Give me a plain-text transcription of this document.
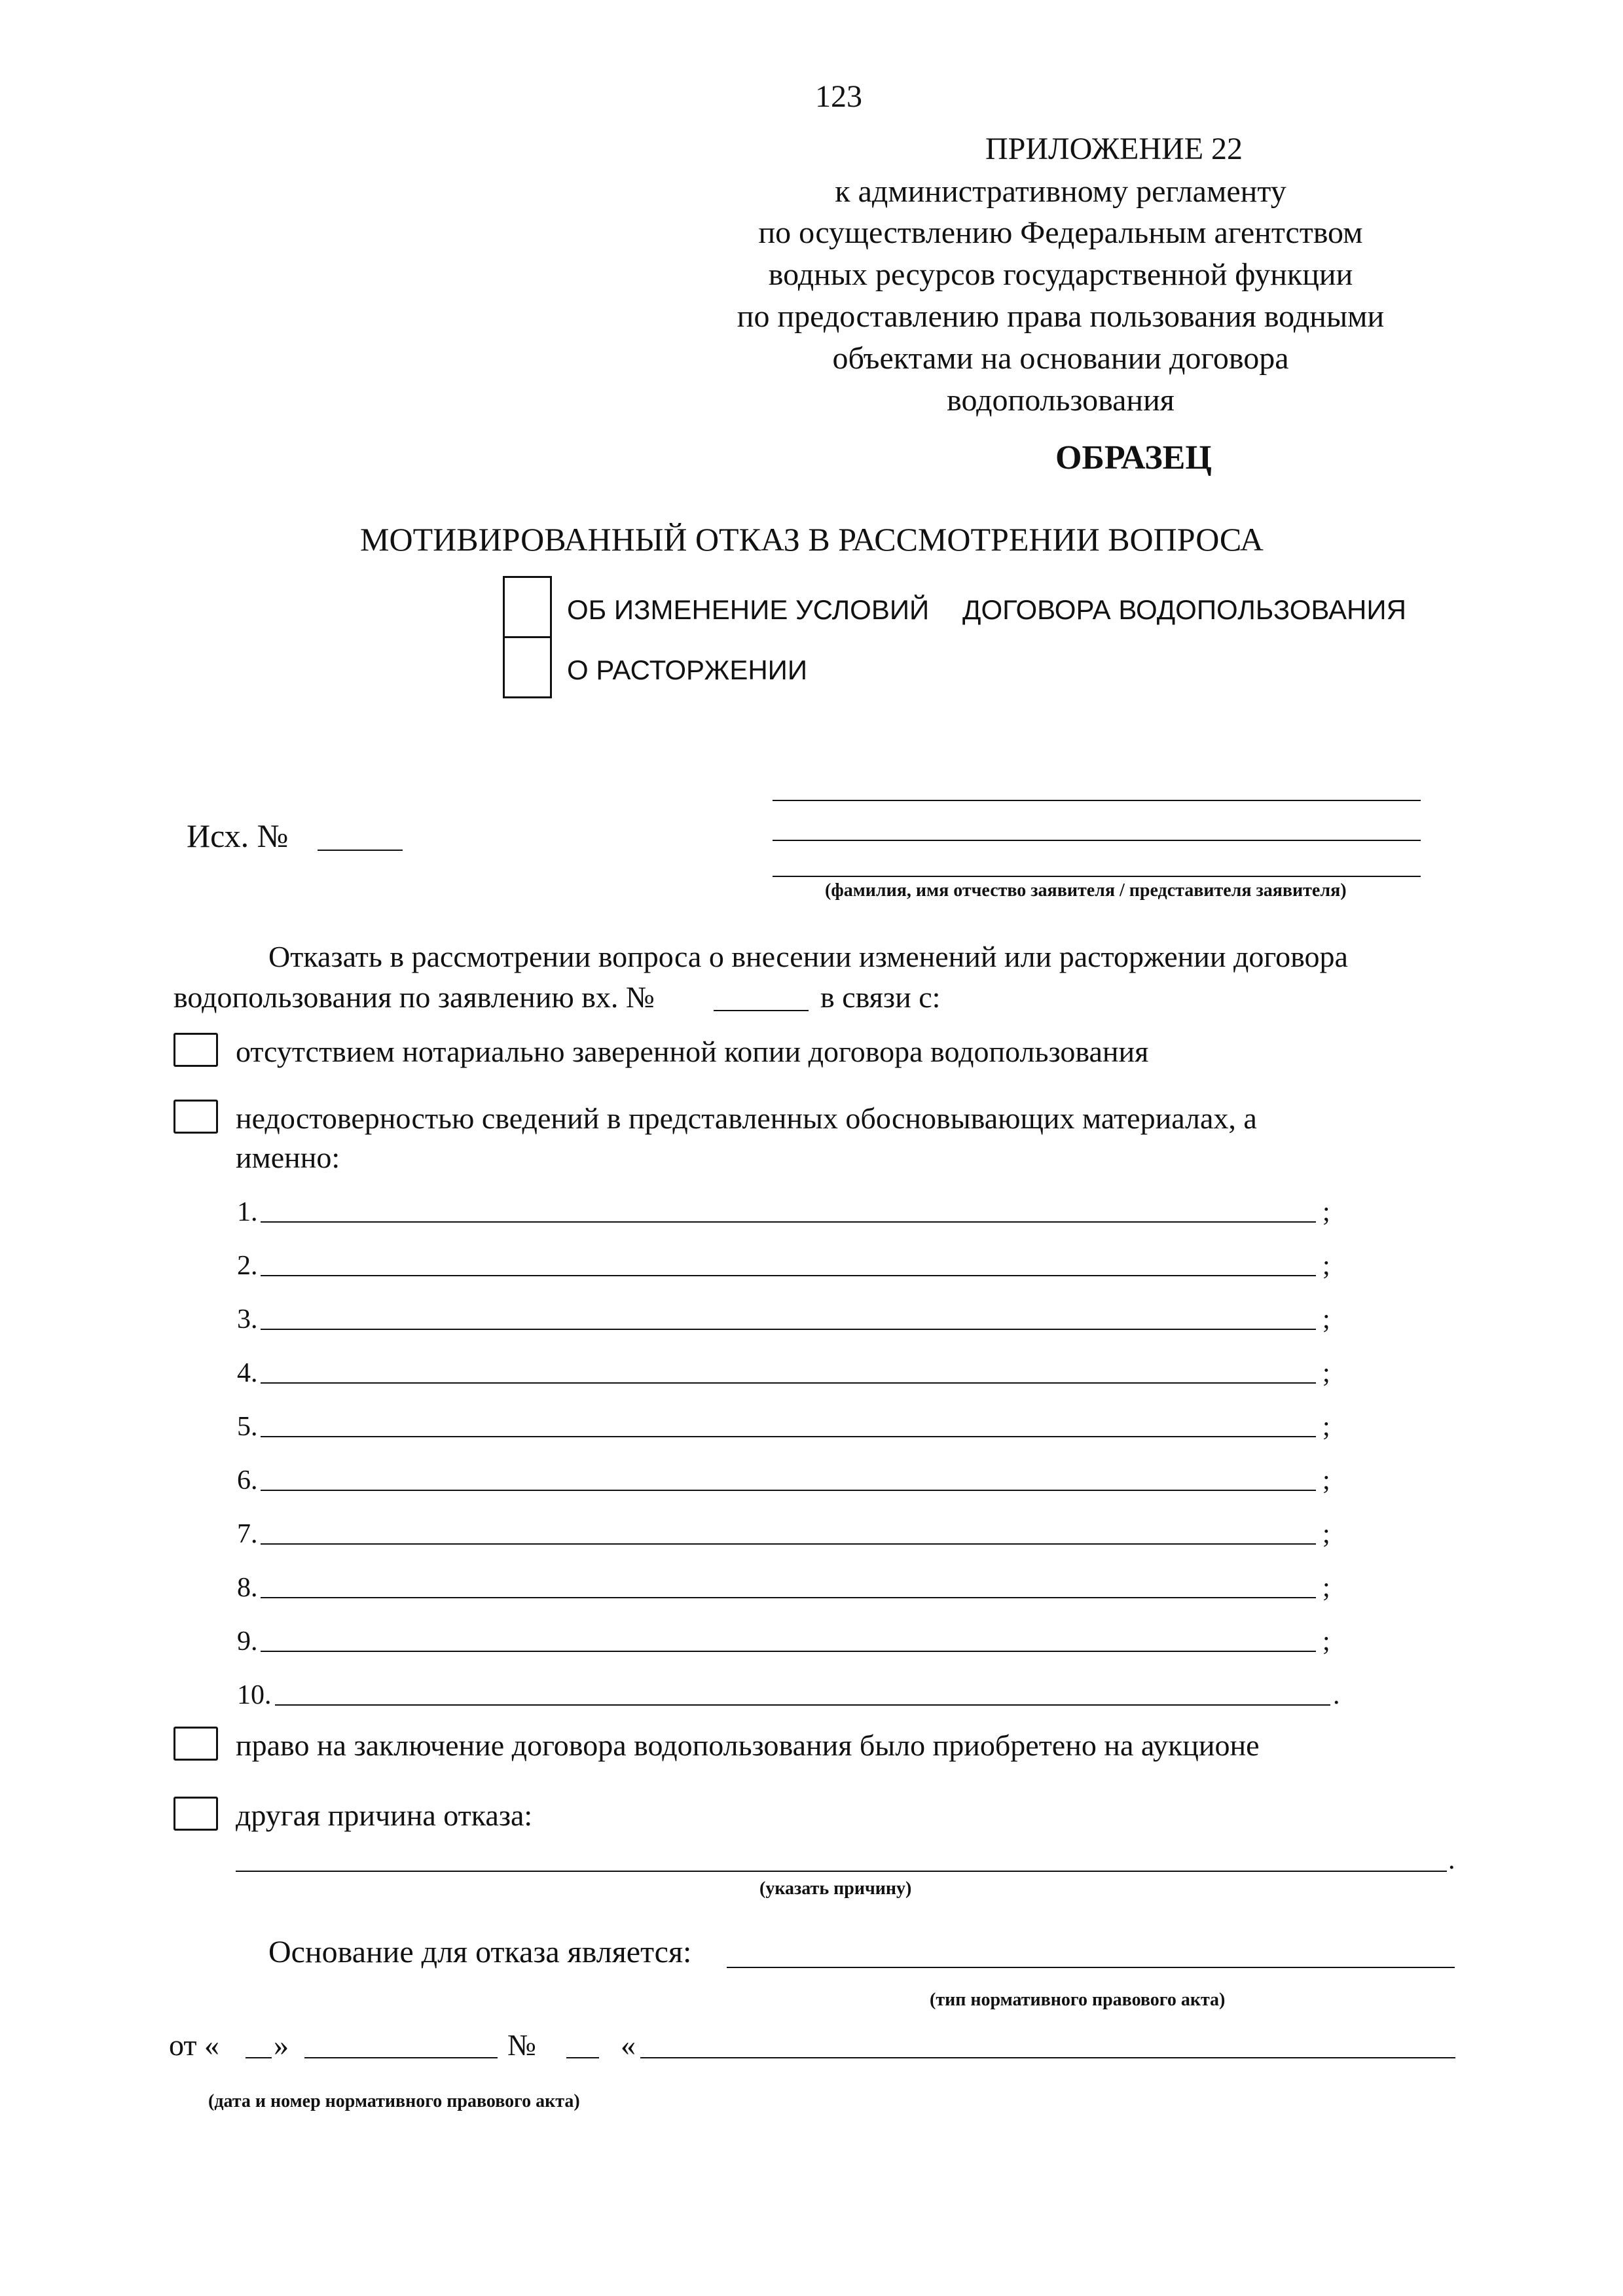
123
ПРИЛОЖЕНИЕ 22
к административному регламенту
по осуществлению Федеральным агентством
водных ресурсов государственной функции
по предоставлению права пользования водными
объектами на основании договора
водопользования
ОБРАЗЕЦ
МОТИВИРОВАННЫЙ ОТКАЗ В РАССМОТРЕНИИ ВОПРОСА
ОБ ИЗМЕНЕНИЕ УСЛОВИЙ ДОГОВОРА ВОДОПОЛЬЗОВАНИЯ
О РАСТОРЖЕНИИ
Исх. №
(фамилия, имя отчество заявителя / представителя заявителя)
Отказать в рассмотрении вопроса о внесении изменений или расторжении договора
водопользования по заявлению вх. №	в связи с:
отсутствием нотариально заверенной копии договора водопользования
недостоверностью сведений в представленных обосновывающих материалах, а
именно:
1.	;
2.	;
3.	;
4.	;
5.	;
6.	;
7.	;
8.	;
9.	;
10.	.
право на заключение договора водопользования было приобретено на аукционе
другая причина отказа:
.
(указать причину)
Основание для отказа является:
(тип нормативного правового акта)
от « »	№	«
(дата и номер нормативного правового акта)
